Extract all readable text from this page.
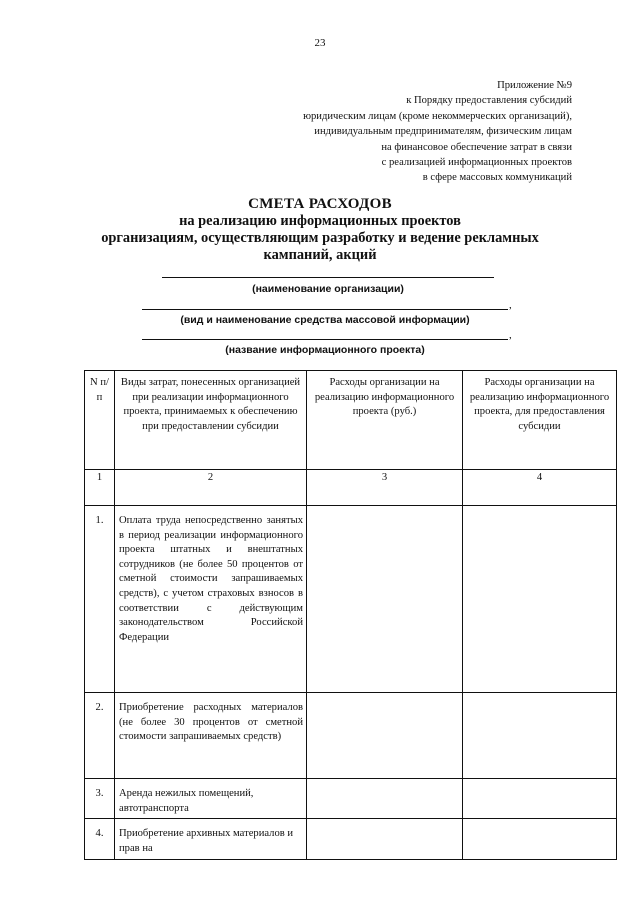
23
Приложение №9
к Порядку предоставления субсидий
юридическим лицам (кроме некоммерческих организаций),
индивидуальным предпринимателям, физическим лицам
на финансовое обеспечение затрат в связи
с реализацией информационных проектов
в сфере массовых коммуникаций
СМЕТА РАСХОДОВ
на реализацию информационных проектов
организациям, осуществляющим разработку и ведение рекламных
кампаний, акций
(наименование организации)
,
(вид и наименование средства массовой информации)
,
(название информационного проекта)
N п/п	Виды затрат, понесенных организацией при реализации информационного проекта, принимаемых к обеспечению при предоставлении субсидии	Расходы организации на реализацию информационного проекта (руб.)	Расходы организации на реализацию информационного проекта, для предоставления субсидии
1	2	3	4
1.	Оплата труда непосредственно занятых в период реализации информационного проекта штатных и внештатных сотрудников (не более 50 процентов от сметной стоимости запрашиваемых средств), с учетом страховых взносов в соответствии с действующим законодательством Российской Федерации		
2.	Приобретение расходных материалов (не более 30 процентов от сметной стоимости запрашиваемых средств)		
3.	Аренда нежилых помещений, автотранспорта		
4.	Приобретение архивных материалов и прав на		
